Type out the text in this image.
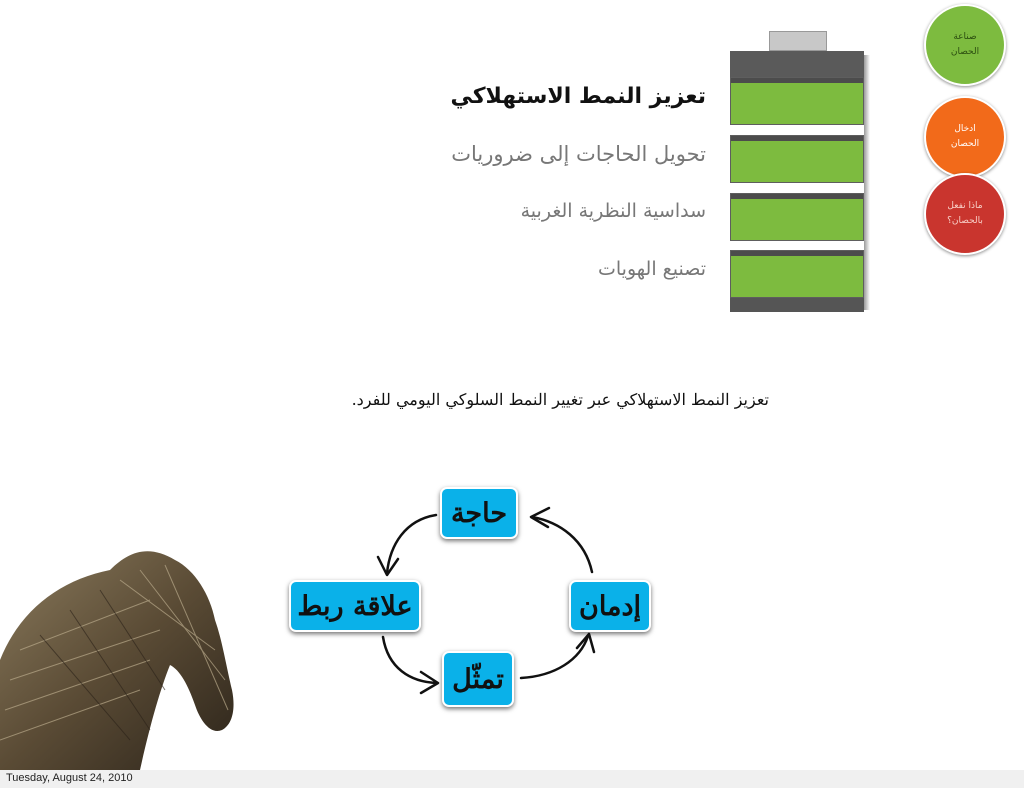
تعزيز النمط الاستهلاكي
تحويل الحاجات إلى ضروريات
سداسية النظرية الغربية
تصنيع الهويات
صناعة
الحصان
ادخال
الحصان
ماذا نفعل
بالحصان؟
تعزيز النمط الاستهلاكي عبر تغيير النمط السلوكي اليومي للفرد.
حاجة
إدمان
علاقة ربط
تمثّل
Tuesday, August 24, 2010
